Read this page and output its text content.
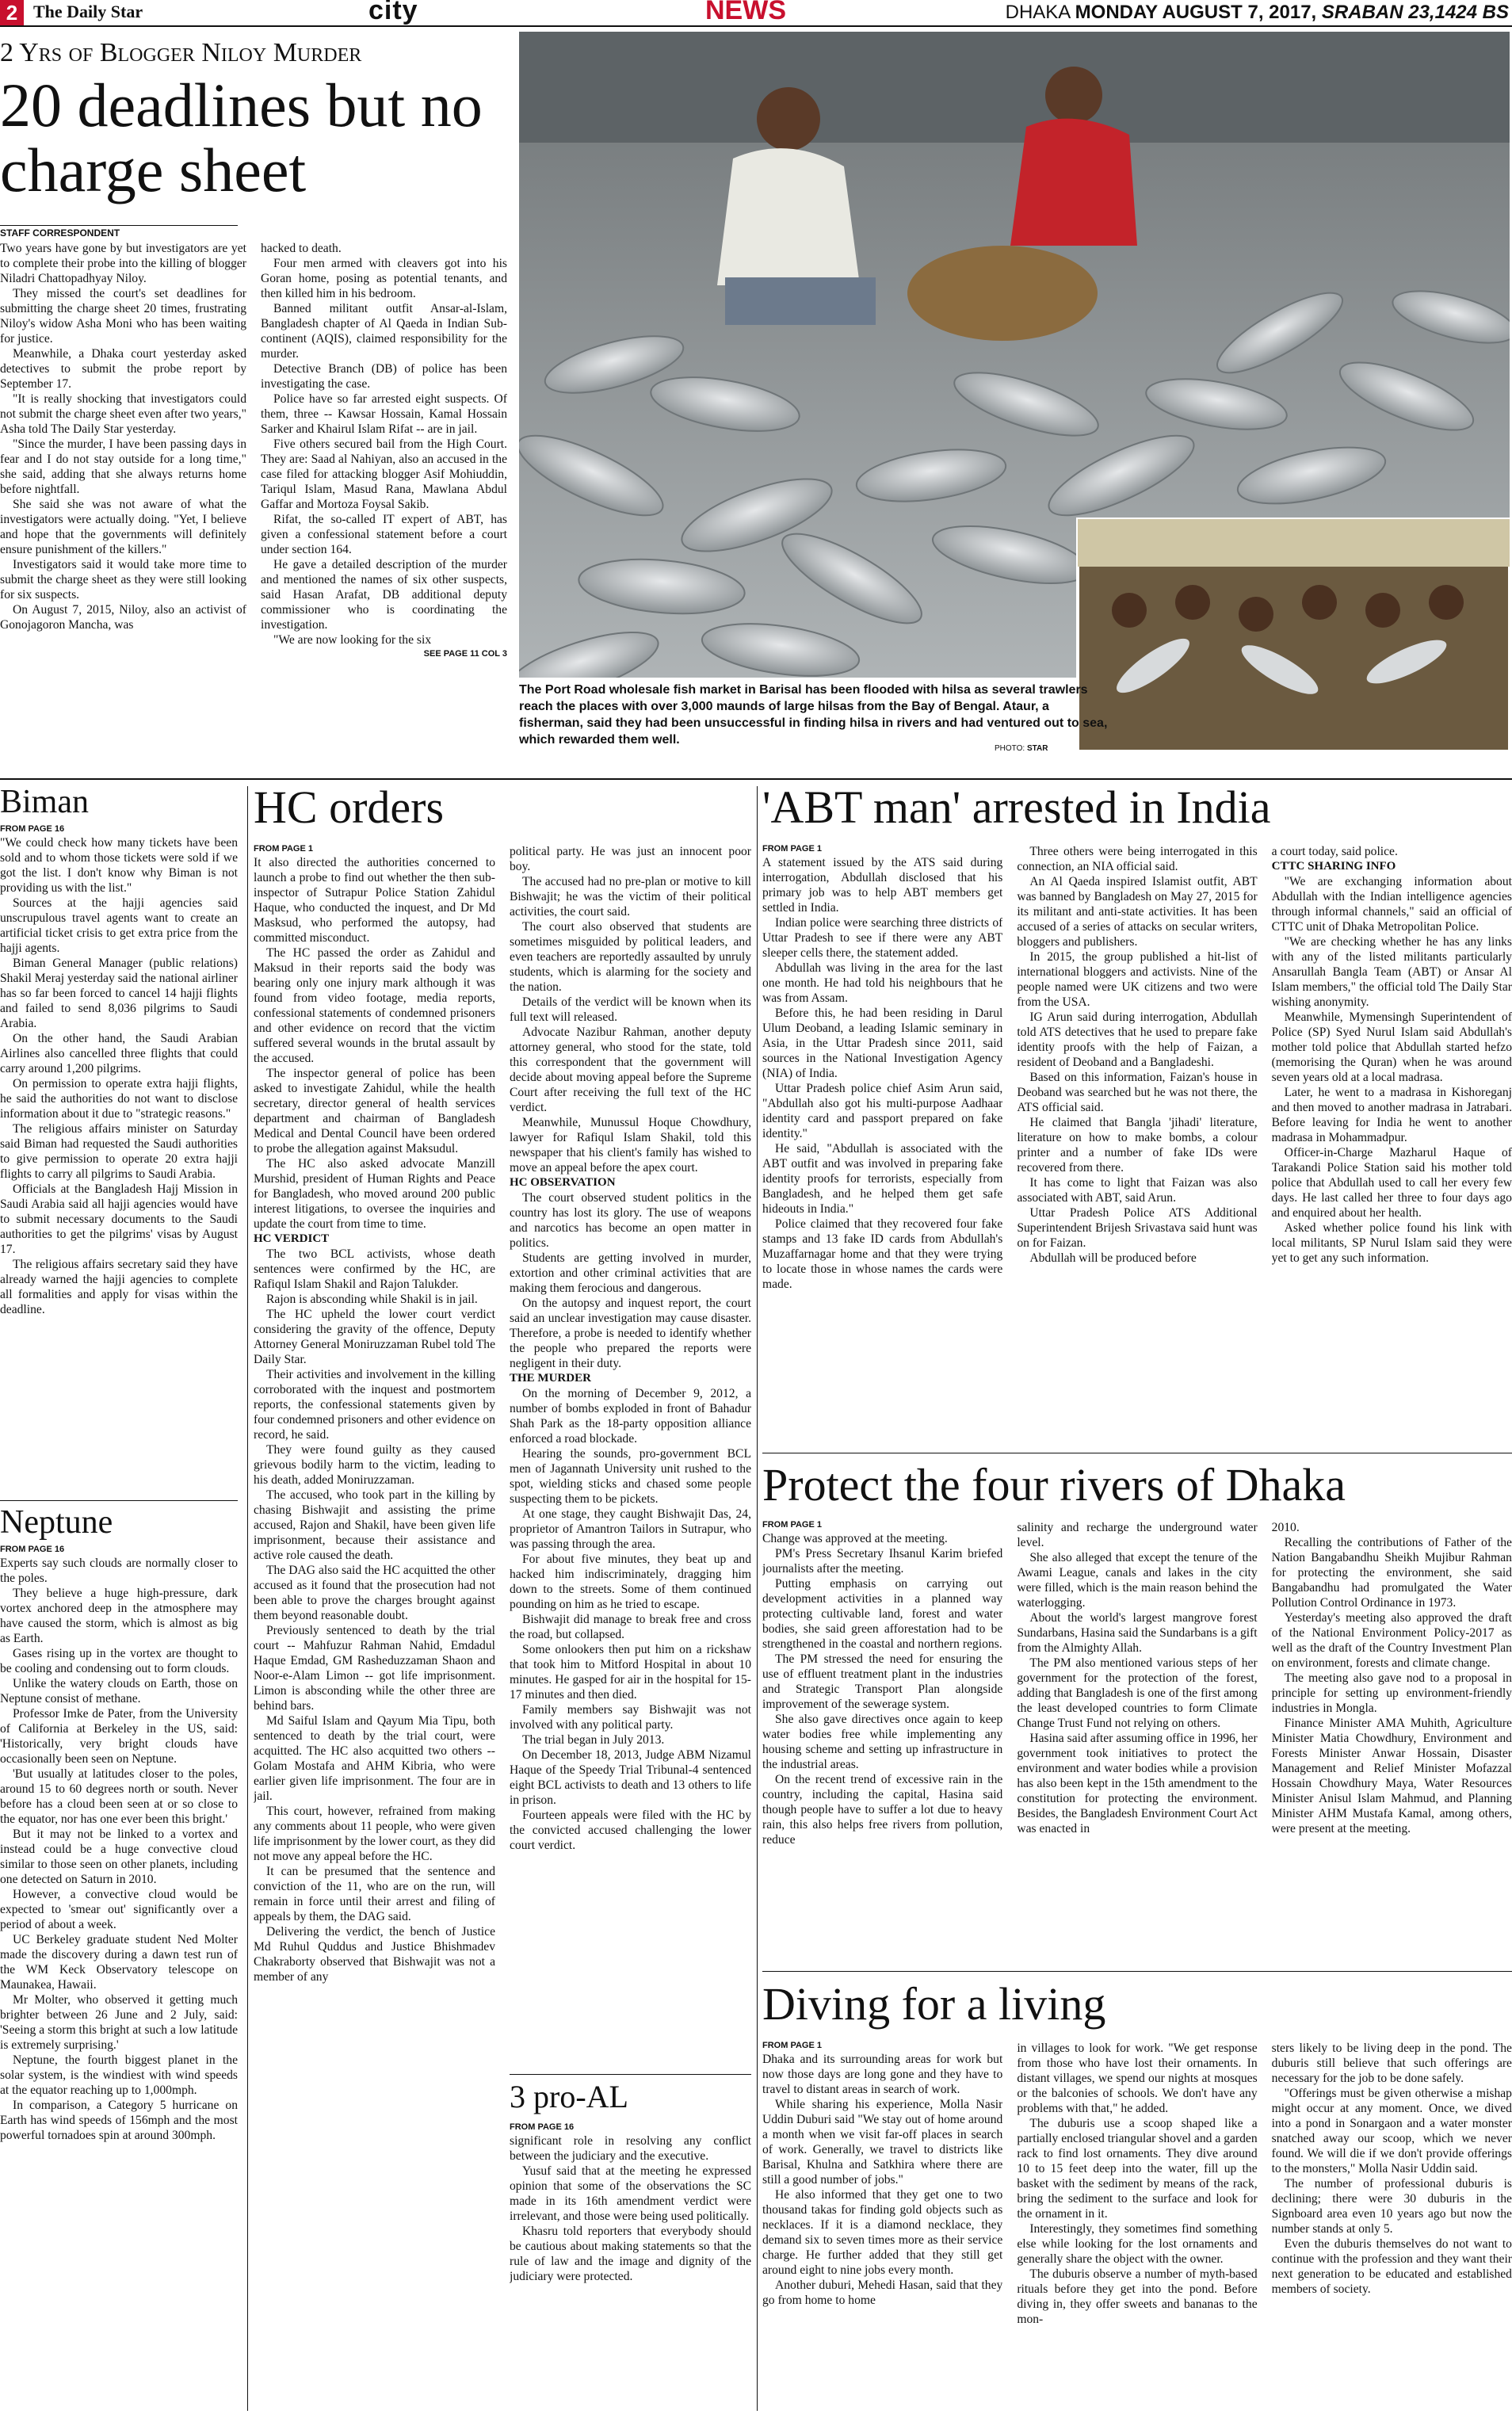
2 The Daily Star	city	NEWS	DHAKA MONDAY AUGUST 7, 2017, SRABAN 23,1424 BS
2 Yrs of Blogger Niloy Murder
20 deadlines but no charge sheet
STAFF CORRESPONDENT

Two years have gone by but investigators are yet to complete their probe into the killing of blogger Niladri Chattopadhyay Niloy.

They missed the court's set deadlines for submitting the charge sheet 20 times, frustrating Niloy's widow Asha Moni who has been waiting for justice.

Meanwhile, a Dhaka court yesterday asked detectives to submit the probe report by September 17.

"It is really shocking that investigators could not submit the charge sheet even after two years," Asha told The Daily Star yesterday.

"Since the murder, I have been passing days in fear and I do not stay outside for a long time," she said, adding that she always returns home before nightfall.

She said she was not aware of what the investigators were actually doing. "Yet, I believe and hope that the governments will definitely ensure punishment of the killers."

Investigators said it would take more time to submit the charge sheet as they were still looking for six suspects.

On August 7, 2015, Niloy, also an activist of Gonojagoron Mancha, was

hacked to death.

Four men armed with cleavers got into his Goran home, posing as potential tenants, and then killed him in his bedroom.

Banned militant outfit Ansar-al-Islam, Bangladesh chapter of Al Qaeda in Indian Sub-continent (AQIS), claimed responsibility for the murder.

Detective Branch (DB) of police has been investigating the case.

Police have so far arrested eight suspects. Of them, three -- Kawsar Hossain, Kamal Hossain Sarker and Khairul Islam Rifat -- are in jail.

Five others secured bail from the High Court. They are: Saad al Nahiyan, also an accused in the case filed for attacking blogger Asif Mohiuddin, Tariqul Islam, Masud Rana, Mawlana Abdul Gaffar and Mortoza Foysal Sakib.

Rifat, the so-called IT expert of ABT, has given a confessional statement before a court under section 164.

He gave a detailed description of the murder and mentioned the names of six other suspects, said Hasan Arafat, DB additional deputy commissioner who is coordinating the investigation.

"We are now looking for the six

SEE PAGE 11 COL 3
The Port Road wholesale fish market in Barisal has been flooded with hilsa as several trawlers reach the places with over 3,000 maunds of large hilsas from the Bay of Bengal. Ataur, a fisherman, said they had been unsuccessful in finding hilsa in rivers and had ventured out to sea, which rewarded them well.
PHOTO: STAR
Biman
FROM PAGE 16

"We could check how many tickets have been sold and to whom those tickets were sold if we got the list. I don't know why Biman is not providing us with the list."

Sources at the hajji agencies said unscrupulous travel agents want to create an artificial ticket crisis to get extra price from the hajji agents.

Biman General Manager (public relations) Shakil Meraj yesterday said the national airliner has so far been forced to cancel 14 hajji flights and failed to send 8,036 pilgrims to Saudi Arabia.

On the other hand, the Saudi Arabian Airlines also cancelled three flights that could carry around 1,200 pilgrims.

On permission to operate extra hajji flights, he said the authorities do not want to disclose information about it due to "strategic reasons."

The religious affairs minister on Saturday said Biman had requested the Saudi authorities to give permission to operate 20 extra hajji flights to carry all pilgrims to Saudi Arabia.

Officials at the Bangladesh Hajj Mission in Saudi Arabia said all hajji agencies would have to submit necessary documents to the Saudi authorities to get the pilgrims' visas by August 17.

The religious affairs secretary said they have already warned the hajji agencies to complete all formalities and apply for visas within the deadline.

Neptune
FROM PAGE 16

Experts say such clouds are normally closer to the poles.

They believe a huge high-pressure, dark vortex anchored deep in the atmosphere may have caused the storm, which is almost as big as Earth.

Gases rising up in the vortex are thought to be cooling and condensing out to form clouds.

Unlike the watery clouds on Earth, those on Neptune consist of methane.

Professor Imke de Pater, from the University of California at Berkeley in the US, said: 'Historically, very bright clouds have occasionally been seen on Neptune.

'But usually at latitudes closer to the poles, around 15 to 60 degrees north or south. Never before has a cloud been seen at or so close to the equator, nor has one ever been this bright.'

But it may not be linked to a vortex and instead could be a huge convective cloud similar to those seen on other planets, including one detected on Saturn in 2010.

However, a convective cloud would be expected to 'smear out' significantly over a period of about a week.

UC Berkeley graduate student Ned Molter made the discovery during a dawn test run of the WM Keck Observatory telescope on Maunakea, Hawaii.

Mr Molter, who observed it getting much brighter between 26 June and 2 July, said: 'Seeing a storm this bright at such a low latitude is extremely surprising.'

Neptune, the fourth biggest planet in the solar system, is the windiest with wind speeds at the equator reaching up to 1,000mph.

In comparison, a Category 5 hurricane on Earth has wind speeds of 156mph and the most powerful tornadoes spin at around 300mph.

HC orders
FROM PAGE 1

It also directed the authorities concerned to launch a probe to find out whether the then sub-inspector of Sutrapur Police Station Zahidul Haque, who conducted the inquest, and Dr Md Masksud, who performed the autopsy, had committed misconduct.

The HC passed the order as Zahidul and Maksud in their reports said the body was bearing only one injury mark although it was found from video footage, media reports, confessional statements of condemned prisoners and other evidence on record that the victim suffered several wounds in the brutal assault by the accused.

The inspector general of police has been asked to investigate Zahidul, while the health secretary, director general of health services department and chairman of Bangladesh Medical and Dental Council have been ordered to probe the allegation against Maksudul.

The HC also asked advocate Manzill Murshid, president of Human Rights and Peace for Bangladesh, who moved around 200 public interest litigations, to oversee the inquiries and update the court from time to time.

HC VERDICT

The two BCL activists, whose death sentences were confirmed by the HC, are Rafiqul Islam Shakil and Rajon Talukder.

Rajon is absconding while Shakil is in jail.

The HC upheld the lower court verdict considering the gravity of the offence, Deputy Attorney General Moniruzzaman Rubel told The Daily Star.

Their activities and involvement in the killing corroborated with the inquest and postmortem reports, the confessional statements given by four condemned prisoners and other evidence on record, he said.

They were found guilty as they caused grievous bodily harm to the victim, leading to his death, added Moniruzzaman.

The accused, who took part in the killing by chasing Bishwajit and assisting the prime accused, Rajon and Shakil, have been given life imprisonment, because their assistance and active role caused the death.

The DAG also said the HC acquitted the other accused as it found that the prosecution had not been able to prove the charges brought against them beyond reasonable doubt.

Previously sentenced to death by the trial court -- Mahfuzur Rahman Nahid, Emdadul Haque Emdad, GM Rasheduzzaman Shaon and Noor-e-Alam Limon -- got life imprisonment. Limon is absconding while the other three are behind bars.

Md Saiful Islam and Qayum Mia Tipu, both sentenced to death by the trial court, were acquitted. The HC also acquitted two others -- Golam Mostafa and AHM Kibria, who were earlier given life imprisonment. The four are in jail.

This court, however, refrained from making any comments about 11 people, who were given life imprisonment by the lower court, as they did not move any appeal before the HC.

It can be presumed that the sentence and conviction of the 11, who are on the run, will remain in force until their arrest and filing of appeals by them, the DAG said.

Delivering the verdict, the bench of Justice Md Ruhul Quddus and Justice Bhishmadev Chakraborty observed that Bishwajit was not a member of any

political party. He was just an innocent poor boy.

The accused had no pre-plan or motive to kill Bishwajit; he was the victim of their political activities, the court said.

The court also observed that students are sometimes misguided by political leaders, and even teachers are reportedly assaulted by unruly students, which is alarming for the society and the nation.

Details of the verdict will be known when its full text will released.

Advocate Nazibur Rahman, another deputy attorney general, who stood for the state, told this correspondent that the government will decide about moving appeal before the Supreme Court after receiving the full text of the HC verdict.

Meanwhile, Munussul Hoque Chowdhury, lawyer for Rafiqul Islam Shakil, told this newspaper that his client's family has wished to move an appeal before the apex court.

HC OBSERVATION

The court observed student politics in the country has lost its glory. The use of weapons and narcotics has become an open matter in politics.

Students are getting involved in murder, extortion and other criminal activities that are making them ferocious and dangerous.

On the autopsy and inquest report, the court said an unclear investigation may cause disaster. Therefore, a probe is needed to identify whether the people who prepared the reports were negligent in their duty.

THE MURDER

On the morning of December 9, 2012, a number of bombs exploded in front of Bahadur Shah Park as the 18-party opposition alliance enforced a road blockade.

Hearing the sounds, pro-government BCL men of Jagannath University unit rushed to the spot, wielding sticks and chased some people suspecting them to be pickets.

At one stage, they caught Bishwajit Das, 24, proprietor of Amantron Tailors in Sutrapur, who was passing through the area.

For about five minutes, they beat up and hacked him indiscriminately, dragging him down to the streets. Some of them continued pounding on him as he tried to escape.

Bishwajit did manage to break free and cross the road, but collapsed.

Some onlookers then put him on a rickshaw that took him to Mitford Hospital in about 10 minutes. He gasped for air in the hospital for 15-17 minutes and then died.

Family members say Bishwajit was not involved with any political party.

The trial began in July 2013.

On December 18, 2013, Judge ABM Nizamul Haque of the Speedy Trial Tribunal-4 sentenced eight BCL activists to death and 13 others to life in prison.

Fourteen appeals were filed with the HC by the convicted accused challenging the lower court verdict.

3 pro-AL
FROM PAGE 16

significant role in resolving any conflict between the judiciary and the executive.

Yusuf said that at the meeting he expressed opinion that some of the observations the SC made in its 16th amendment verdict were irrelevant, and those were being used politically.

Khasru told reporters that everybody should be cautious about making statements so that the rule of law and the image and dignity of the judiciary were protected.

'ABT man' arrested in India
FROM PAGE 1

A statement issued by the ATS said during interrogation, Abdullah disclosed that his primary job was to help ABT members get settled in India.

Indian police were searching three districts of Uttar Pradesh to see if there were any ABT sleeper cells there, the statement added.

Abdullah was living in the area for the last one month. He had told his neighbours that he was from Assam.

Before this, he had been residing in Darul Ulum Deoband, a leading Islamic seminary in Asia, in the Uttar Pradesh since 2011, said sources in the National Investigation Agency (NIA) of India.

Uttar Pradesh police chief Asim Arun said, "Abdullah also got his multi-purpose Aadhaar identity card and passport prepared on fake identity."

He said, "Abdullah is associated with the ABT outfit and was involved in preparing fake identity proofs for terrorists, especially from Bangladesh, and he helped them get safe hideouts in India."

Police claimed that they recovered four fake stamps and 13 fake ID cards from Abdullah's Muzaffarnagar home and that they were trying to locate those in whose names the cards were made.

Three others were being interrogated in this connection, an NIA official said.

An Al Qaeda inspired Islamist outfit, ABT was banned by Bangladesh on May 27, 2015 for its militant and anti-state activities. It has been accused of a series of attacks on secular writers, bloggers and publishers.

In 2015, the group published a hit-list of international bloggers and activists. Nine of the people named were UK citizens and two were from the USA.

IG Arun said during interrogation, Abdullah told ATS detectives that he used to prepare fake identity proofs with the help of Faizan, a resident of Deoband and a Bangladeshi.

Based on this information, Faizan's house in Deoband was searched but he was not there, the ATS official said.

He claimed that Bangla 'jihadi' literature, literature on how to make bombs, a colour printer and a number of fake IDs were recovered from there.

It has come to light that Faizan was also associated with ABT, said Arun.

Uttar Pradesh Police ATS Additional Superintendent Brijesh Srivastava said hunt was on for Faizan.

Abdullah will be produced before

a court today, said police.

CTTC SHARING INFO

"We are exchanging information about Abdullah with the Indian intelligence agencies through informal channels," said an official of CTTC unit of Dhaka Metropolitan Police.

"We are checking whether he has any links with any of the listed militants particularly Ansarullah Bangla Team (ABT) or Ansar Al Islam members," the official told The Daily Star wishing anonymity.

Meanwhile, Mymensingh Superintendent of Police (SP) Syed Nurul Islam said Abdullah's mother told police that Abdullah started hefzo (memorising the Quran) when he was around seven years old at a local madrasa.

Later, he went to a madrasa in Kishoreganj and then moved to another madrasa in Jatrabari. Before leaving for India he went to another madrasa in Mohammadpur.

Officer-in-Charge Mazharul Haque of Tarakandi Police Station said his mother told police that Abdullah used to call her every few days. He last called her three to four days ago and enquired about her health.

Asked whether police found his link with local militants, SP Nurul Islam said they were yet to get any such information.

Protect the four rivers of Dhaka
FROM PAGE 1

Change was approved at the meeting.

PM's Press Secretary Ihsanul Karim briefed journalists after the meeting.

Putting emphasis on carrying out development activities in a planned way protecting cultivable land, forest and water bodies, she said green afforestation had to be strengthened in the coastal and northern regions.

The PM stressed the need for ensuring the use of effluent treatment plant in the industries and Strategic Transport Plan alongside improvement of the sewerage system.

She also gave directives once again to keep water bodies free while implementing any housing scheme and setting up infrastructure in the industrial areas.

On the recent trend of excessive rain in the country, including the capital, Hasina said though people have to suffer a lot due to heavy rain, this also helps free rivers from pollution, reduce

salinity and recharge the underground water level.

She also alleged that except the tenure of the Awami League, canals and lakes in the city were filled, which is the main reason behind the waterlogging.

About the world's largest mangrove forest Sundarbans, Hasina said the Sundarbans is a gift from the Almighty Allah.

The PM also mentioned various steps of her government for the protection of the forest, adding that Bangladesh is one of the first among the least developed countries to form Climate Change Trust Fund not relying on others.

Hasina said after assuming office in 1996, her government took initiatives to protect the environment and water bodies while a provision has also been kept in the 15th amendment to the constitution for protecting the environment. Besides, the Bangladesh Environment Court Act was enacted in

2010.

Recalling the contributions of Father of the Nation Bangabandhu Sheikh Mujibur Rahman for protecting the environment, she said Bangabandhu had promulgated the Water Pollution Control Ordinance in 1973.

Yesterday's meeting also approved the draft of the National Environment Policy-2017 as well as the draft of the Country Investment Plan on environment, forests and climate change.

The meeting also gave nod to a proposal in principle for setting up environment-friendly industries in Mongla.

Finance Minister AMA Muhith, Agriculture Minister Matia Chowdhury, Environment and Forests Minister Anwar Hossain, Disaster Management and Relief Minister Mofazzal Hossain Chowdhury Maya, Water Resources Minister Anisul Islam Mahmud, and Planning Minister AHM Mustafa Kamal, among others, were present at the meeting.

Diving for a living
FROM PAGE 1

Dhaka and its surrounding areas for work but now those days are long gone and they have to travel to distant areas in search of work.

While sharing his experience, Molla Nasir Uddin Duburi said "We stay out of home around a month when we visit far-off places in search of work. Generally, we travel to districts like Barisal, Khulna and Satkhira where there are still a good number of jobs."

He also informed that they get one to two thousand takas for finding gold objects such as necklaces. If it is a diamond necklace, they demand six to seven times more as their service charge. He further added that they still get around eight to nine jobs every month.

Another duburi, Mehedi Hasan, said that they go from home to home

in villages to look for work. "We get response from those who have lost their ornaments. In distant villages, we spend our nights at mosques or the balconies of schools. We don't have any problems with that," he added.

The duburis use a scoop shaped like a partially enclosed triangular shovel and a garden rack to find lost ornaments. They dive around 10 to 15 feet deep into the water, fill up the basket with the sediment by means of the rack, bring the sediment to the surface and look for the ornament in it.

Interestingly, they sometimes find something else while looking for the lost ornaments and generally share the object with the owner.

The duburis observe a number of myth-based rituals before they get into the pond. Before diving in, they offer sweets and bananas to the mon-

sters likely to be living deep in the pond. The duburis still believe that such offerings are necessary for the job to be done safely.

"Offerings must be given otherwise a mishap might occur at any moment. Once, we dived into a pond in Sonargaon and a water monster snatched away our scoop, which we never found. We will die if we don't provide offerings to the monsters," Molla Nasir Uddin said.

The number of professional duburis is declining; there were 30 duburis in the Signboard area even 10 years ago but now the number stands at only 5.

Even the duburis themselves do not want to continue with the profession and they want their next generation to be educated and established members of society.
